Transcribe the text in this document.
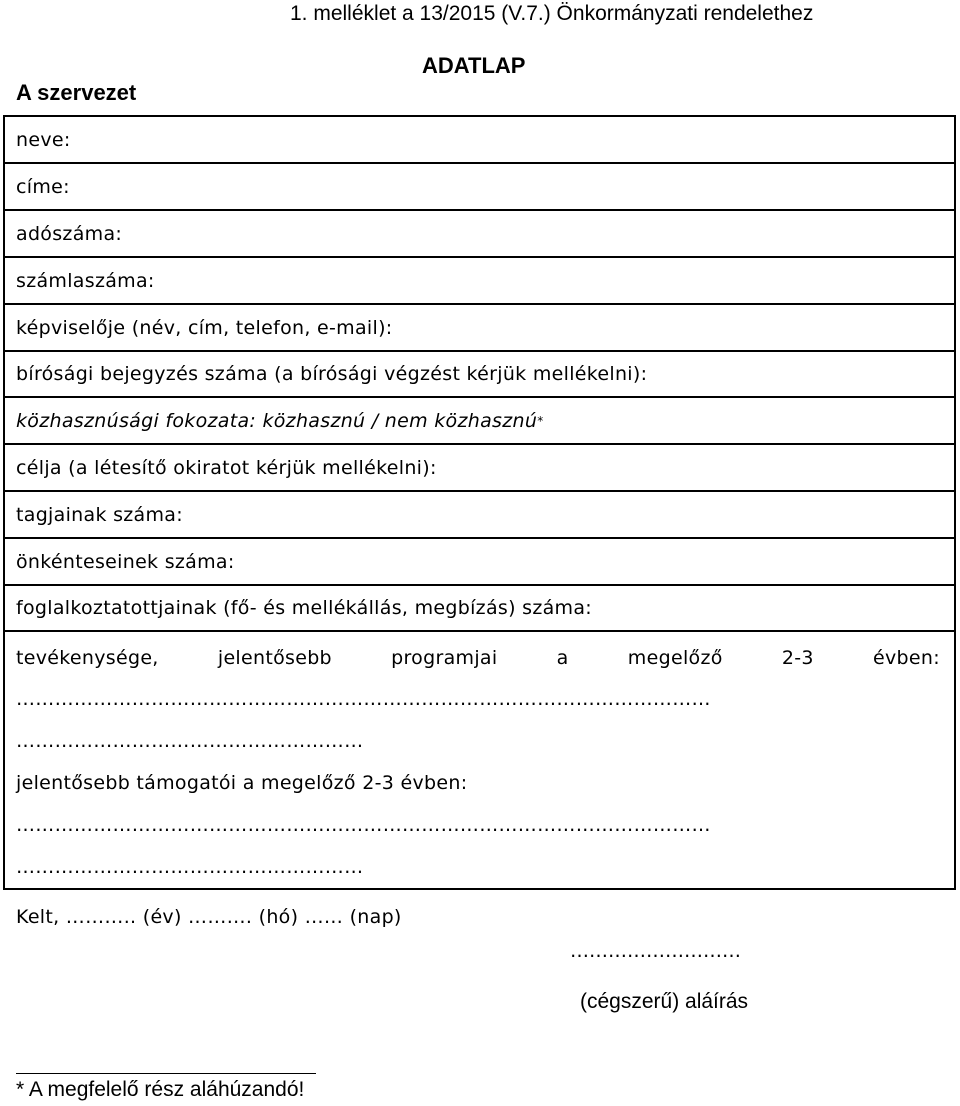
1. melléklet a 13/2015 (V.7.) Önkormányzati rendelethez
ADATLAP
A szervezet
neve:
címe:
adószáma:
számlaszáma:
képviselője (név, cím, telefon, e-mail):
bírósági bejegyzés száma (a bírósági végzést kérjük mellékelni):
közhasznúsági fokozata: közhasznú / nem közhasznú *
célja (a létesítő okiratot kérjük mellékelni):
tagjainak száma:
önkénteseinek száma:
foglalkoztatottjainak (fő- és mellékállás, megbízás) száma:
tevékenysége,	jelentősebb	programjai	a	megelőző	2-3	évben:
………………………………………………………………………………………………
………………………………………………
jelentősebb támogatói a megelőző 2-3 évben:
………………………………………………………………………………………………
………………………………………………
Kelt, ……….. (év) ………. (hó) …… (nap)
………………………
(cégszerű) aláírás
* A megfelelő rész aláhúzandó!
